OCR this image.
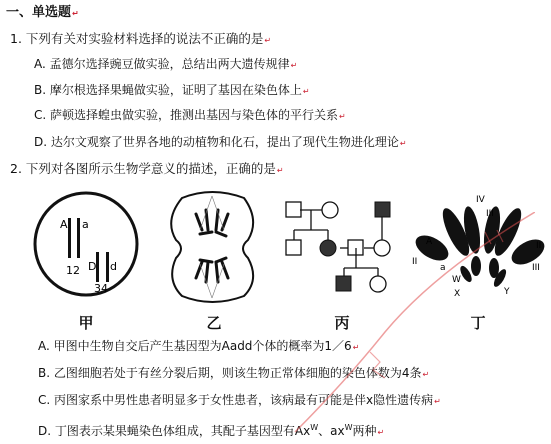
一、单选题↵
1. 下列有关对实验材料选择的说法不正确的是↵
A. 孟德尔选择豌豆做实验，总结出两大遗传规律↵
B. 摩尔根选择果蝇做实验，证明了基因在染色体上↵
C. 萨顿选择蝗虫做实验，推测出基因与染色体的平行关系↵
D. 达尔文观察了世界各地的动植物和化石，提出了现代生物进化理论↵
2. 下列对各图所示生物学意义的描述，正确的是↵
A a
12 D d
34
甲	乙	丙
IV
III
II
A
a
II
III
W
X	Y
丁
A. 甲图中生物自交后产生基因型为Aadd个体的概率为1／6↵
B. 乙图细胞若处于有丝分裂后期，则该生物正常体细胞的染色体数为4条↵
C. 丙图家系中男性患者明显多于女性患者，该病最有可能是伴x隐性遗传病↵
D. 丁图表示某果蝇染色体组成，其配子基因型有$Ax^W$、$ax^W$两种↵
